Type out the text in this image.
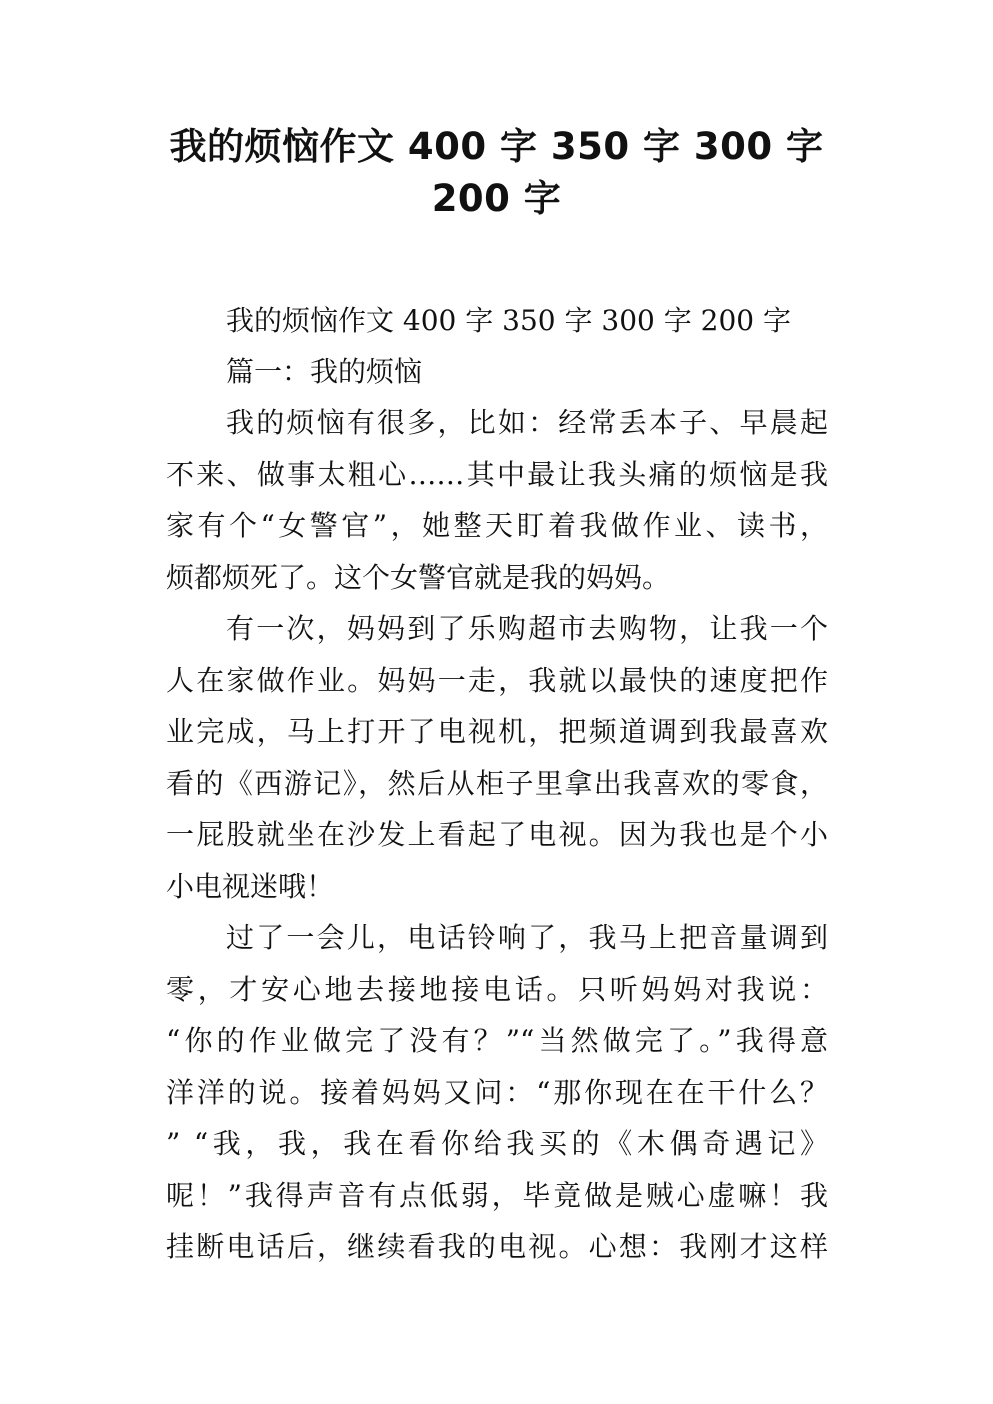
我的烦恼作文 400 字 350 字 300 字
200 字
我的烦恼作文 400 字 350 字 300 字 200 字
篇一：我的烦恼
我的烦恼有很多，比如：经常丢本子、早晨起
不来、做事太粗心……其中最让我头痛的烦恼是我
家有个“女警官”，她整天盯着我做作业、读书，
烦都烦死了。这个女警官就是我的妈妈。
有一次，妈妈到了乐购超市去购物，让我一个
人在家做作业。妈妈一走，我就以最快的速度把作
业完成，马上打开了电视机，把频道调到我最喜欢
看的《西游记》，然后从柜子里拿出我喜欢的零食，
一屁股就坐在沙发上看起了电视。因为我也是个小
小电视迷哦！
过了一会儿，电话铃响了，我马上把音量调到
零，才安心地去接地接电话。只听妈妈对我说：
“你的作业做完了没有？”“当然做完了。”我得意
洋洋的说。接着妈妈又问：“那你现在在干什么？
” “我，我，我在看你给我买的《木偶奇遇记》
呢！”我得声音有点低弱，毕竟做是贼心虚嘛！我
挂断电话后，继续看我的电视。心想：我刚才这样
